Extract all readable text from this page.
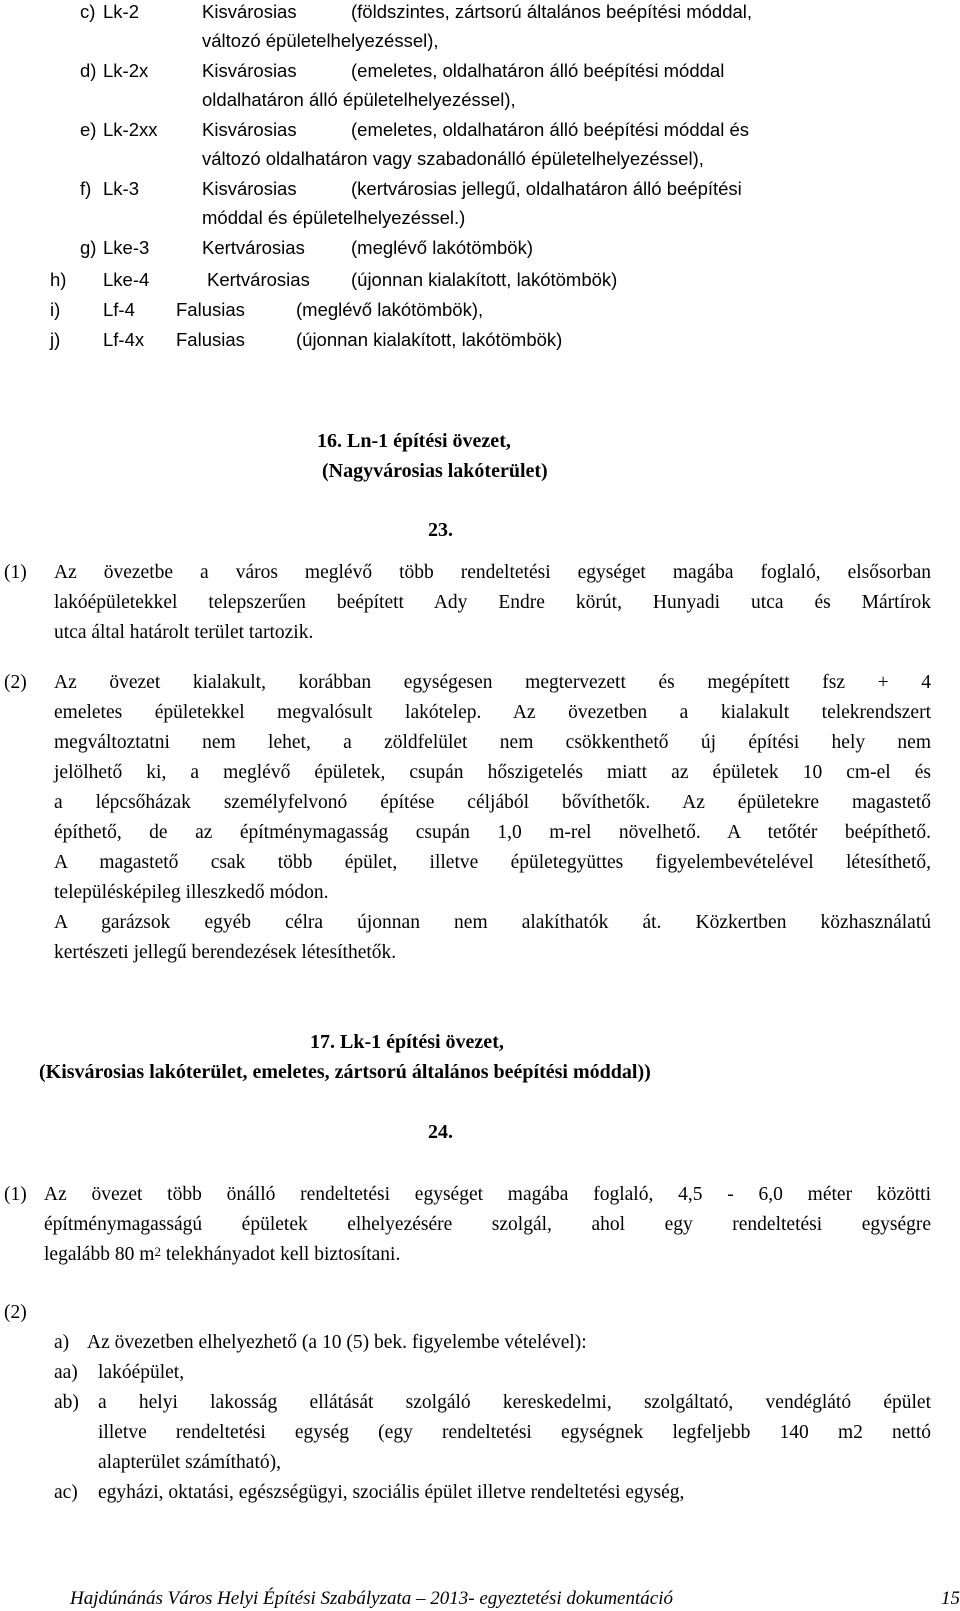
c) Lk-2	Kisvárosias	(földszintes, zártsorú általános beépítési móddal,
változó épületelhelyezéssel),
d) Lk-2x	Kisvárosias	(emeletes, oldalhatáron álló beépítési móddal
oldalhatáron álló épületelhelyezéssel),
e) Lk-2xx Kisvárosias	(emeletes, oldalhatáron álló beépítési móddal és
változó oldalhatáron vagy szabadonálló épületelhelyezéssel),
f) Lk-3	Kisvárosias	(kertvárosias jellegű, oldalhatáron álló beépítési
móddal és épületelhelyezéssel.)
g) Lke-3	Kertvárosias (meglévő lakótömbök)
h) Lke-4	Kertvárosias (újonnan kialakított, lakótömbök)
i) Lf-4 Falusias	(meglévő lakótömbök),
j) Lf-4x Falusias	(újonnan kialakított, lakótömbök)
16. Ln-1 építési övezet,
(Nagyvárosias lakóterület)
23.
(1) Az övezetbe a város meglévő több rendeltetési egységet magába foglaló, elsősorban
lakóépületekkel telepszerűen beépített Ady Endre körút, Hunyadi utca és Mártírok
utca által határolt terület tartozik.
(2) Az övezet kialakult, korábban egységesen megtervezett és megépített fsz + 4
emeletes épületekkel megvalósult lakótelep. Az övezetben a kialakult telekrendszert
megváltoztatni nem lehet, a zöldfelület nem csökkenthető új építési hely nem
jelölhető ki, a meglévő épületek, csupán hőszigetelés miatt az épületek 10 cm-el és
a lépcsőházak személyfelvonó építése céljából bővíthetők. Az épületekre magastető
építhető, de az építménymagasság csupán 1,0 m-rel növelhető. A tetőtér beépíthető.
A magastető csak több épület, illetve épületegyüttes figyelembevételével létesíthető,
településképileg illeszkedő módon.
A garázsok egyéb célra újonnan nem alakíthatók át. Közkertben közhasználatú
kertészeti jellegű berendezések létesíthetők.
17. Lk-1 építési övezet,
(Kisvárosias lakóterület, emeletes, zártsorú általános beépítési móddal))
24.
(1) Az övezet több önálló rendeltetési egységet magába foglaló, 4,5 - 6,0 méter közötti
építménymagasságú épületek elhelyezésére szolgál, ahol egy rendeltetési egységre
legalább 80 $m^2$ telekhányadot kell biztosítani.
(2)
a) Az övezetben elhelyezhető (a 10 (5) bek. figyelembe vételével):
aa) lakóépület,
ab) a helyi lakosság ellátását szolgáló kereskedelmi, szolgáltató, vendéglátó épület
illetve rendeltetési egység (egy rendeltetési egységnek legfeljebb 140 m2 nettó
alapterület számítható),
ac) egyházi, oktatási, egészségügyi, szociális épület illetve rendeltetési egység,
Hajdúnánás Város Helyi Építési Szabályzata – 2013- egyeztetési dokumentáció	15
